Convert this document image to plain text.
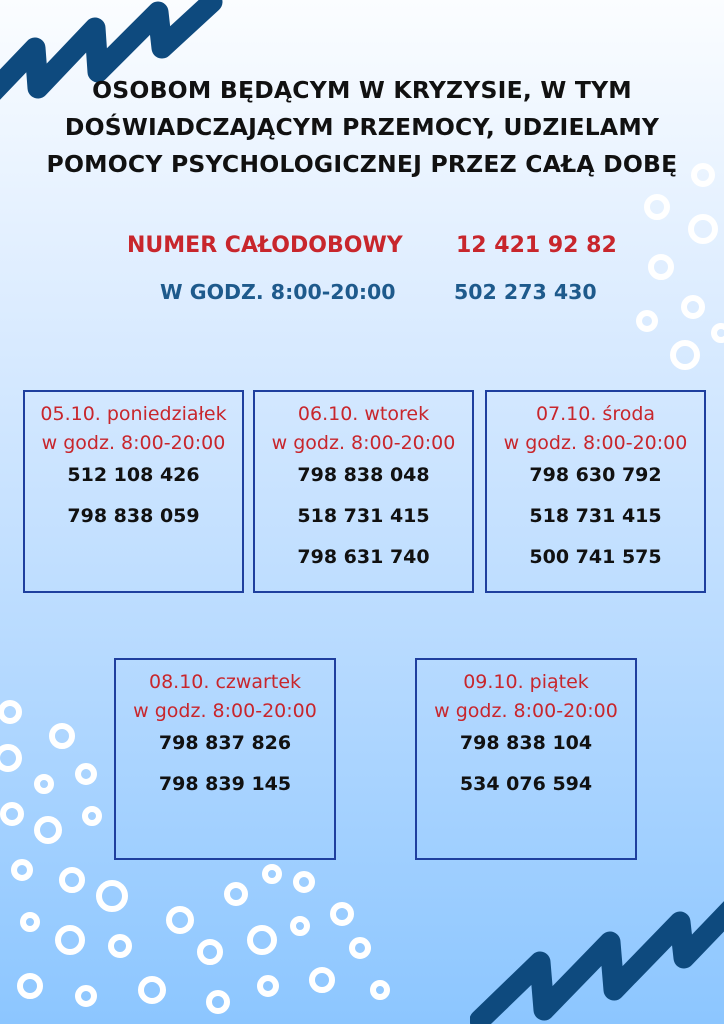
OSOBOM BĘDĄCYM W KRYZYSIE, W TYM
DOŚWIADCZAJĄCYM PRZEMOCY, UDZIELAMY
POMOCY PSYCHOLOGICZNEJ PRZEZ CAŁĄ DOBĘ
NUMER CAŁODOBOWY 12 421 92 82
W GODZ. 8:00-20:00	502 273 430
05.10. poniedziałek
w godz. 8:00-20:00
512 108 426
798 838 059
06.10. wtorek
w godz. 8:00-20:00
798 838 048
518 731 415
798 631 740
07.10. środa
w godz. 8:00-20:00
798 630 792
518 731 415
500 741 575
08.10. czwartek
w godz. 8:00-20:00
798 837 826
798 839 145
09.10. piątek
w godz. 8:00-20:00
798 838 104
534 076 594
